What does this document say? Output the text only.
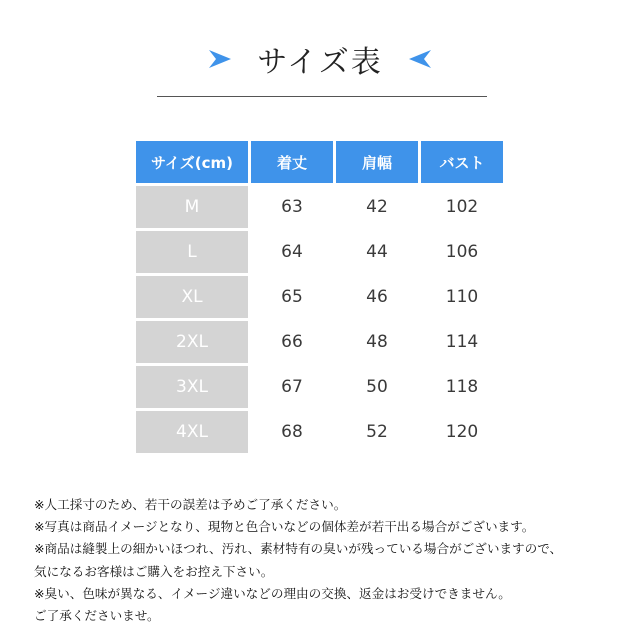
サイズ表
サイズ(cm)	着丈	肩幅	バスト
M	63	42	102
L	64	44	106
XL	65	46	110
2XL	66	48	114
3XL	67	50	118
4XL	68	52	120
※人工採寸のため、若干の誤差は予めご了承ください。
※写真は商品イメージとなり、現物と色合いなどの個体差が若干出る場合がございます。
※商品は縫製上の細かいほつれ、汚れ、素材特有の臭いが残っている場合がございますので、
気になるお客様はご購入をお控え下さい。
※臭い、色味が異なる、イメージ違いなどの理由の交換、返金はお受けできません。
ご了承くださいませ。
